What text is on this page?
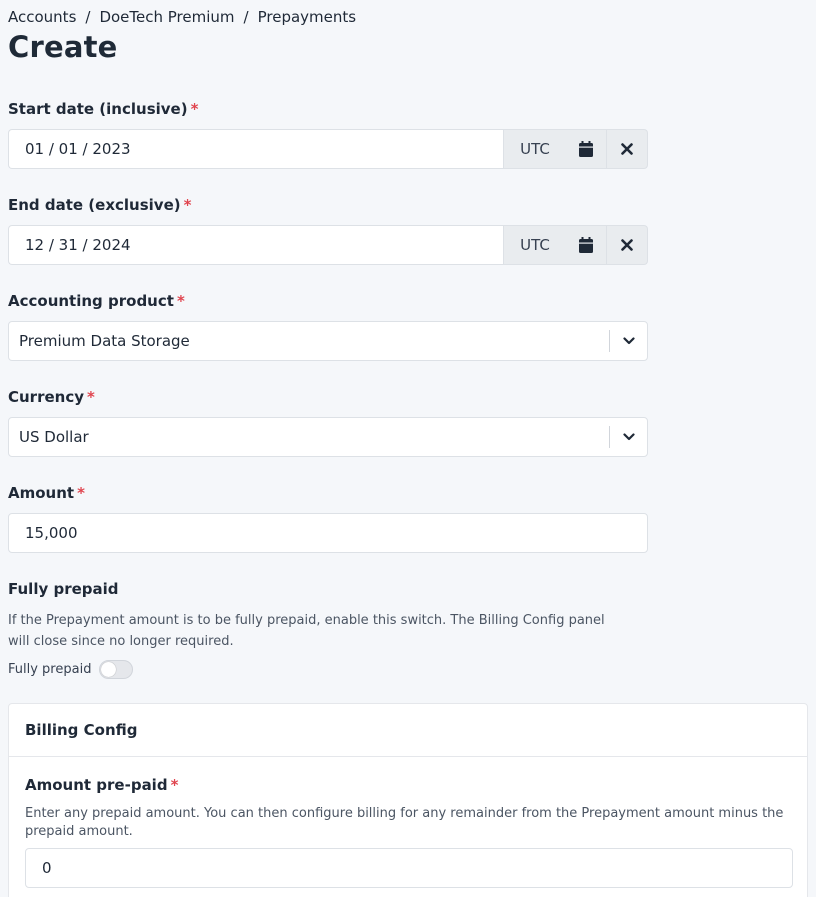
Accounts / DoeTech Premium / Prepayments
Create
Start date (inclusive) *
01 / 01 / 2023	UTC
End date (exclusive) *
12 / 31 / 2024	UTC
Accounting product *
Premium Data Storage
Currency *
US Dollar
Amount *
15,000
Fully prepaid

If the Prepayment amount is to be fully prepaid, enable this switch. The Billing Config panel will close since no longer required.

Fully prepaid
Billing Config
Amount pre-paid *

Enter any prepaid amount. You can then configure billing for any remainder from the Prepayment amount minus the prepaid amount.

0
